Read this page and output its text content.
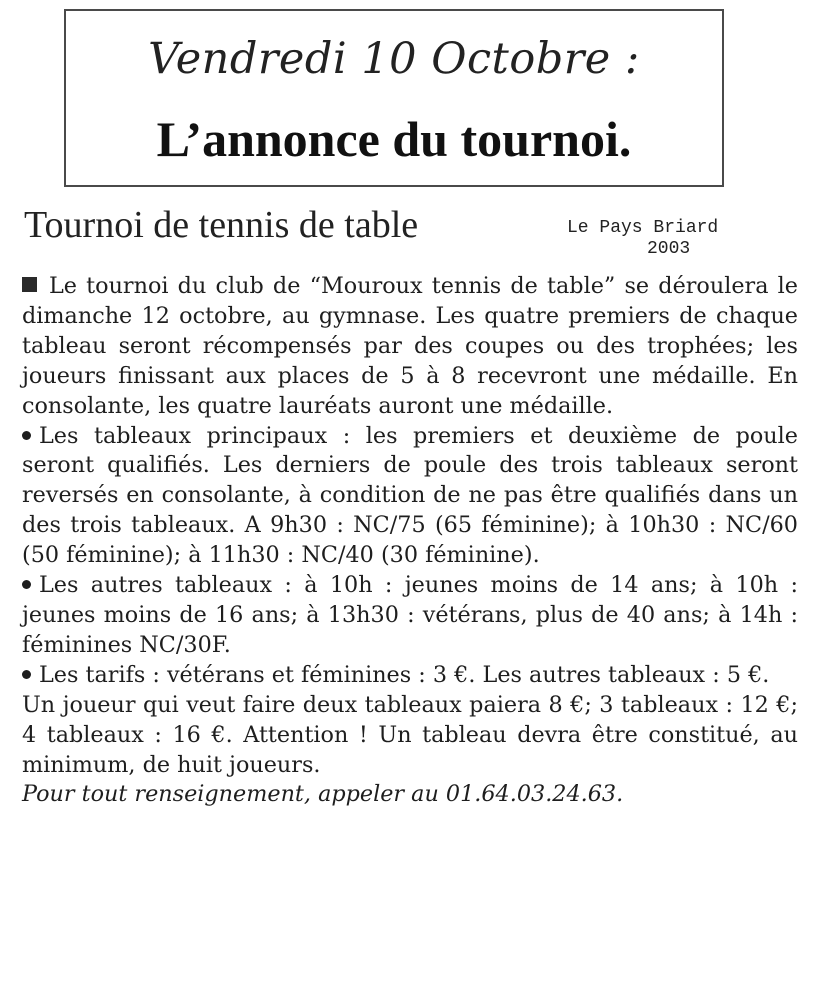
Vendredi 10 Octobre :
L’annonce du tournoi.
Tournoi de tennis de table	Le Pays Briard
2003

Le tournoi du club de “Mouroux tennis de table” se déroulera le dimanche 12 octobre, au gymnase. Les quatre premiers de chaque tableau seront récompensés par des coupes ou des trophées; les joueurs finissant aux places de 5 à 8 recevront une médaille. En consolante, les quatre lauréats auront une médaille.

Les tableaux principaux : les premiers et deuxième de poule seront qualifiés. Les derniers de poule des trois tableaux seront reversés en consolante, à condition de ne pas être qualifiés dans un des trois tableaux. A 9h30 : NC/75 (65 féminine); à 10h30 : NC/60 (50 féminine); à 11h30 : NC/40 (30 féminine).

Les autres tableaux : à 10h : jeunes moins de 14 ans; à 10h : jeunes moins de 16 ans; à 13h30 : vétérans, plus de 40 ans; à 14h : féminines NC/30F.

Les tarifs : vétérans et féminines : 3 €. Les autres tableaux : 5 €.

Un joueur qui veut faire deux tableaux paiera 8 €; 3 tableaux : 12 €; 4 tableaux : 16 €. Attention ! Un tableau devra être constitué, au minimum, de huit joueurs.

Pour tout renseignement, appeler au 01.64.03.24.63.
